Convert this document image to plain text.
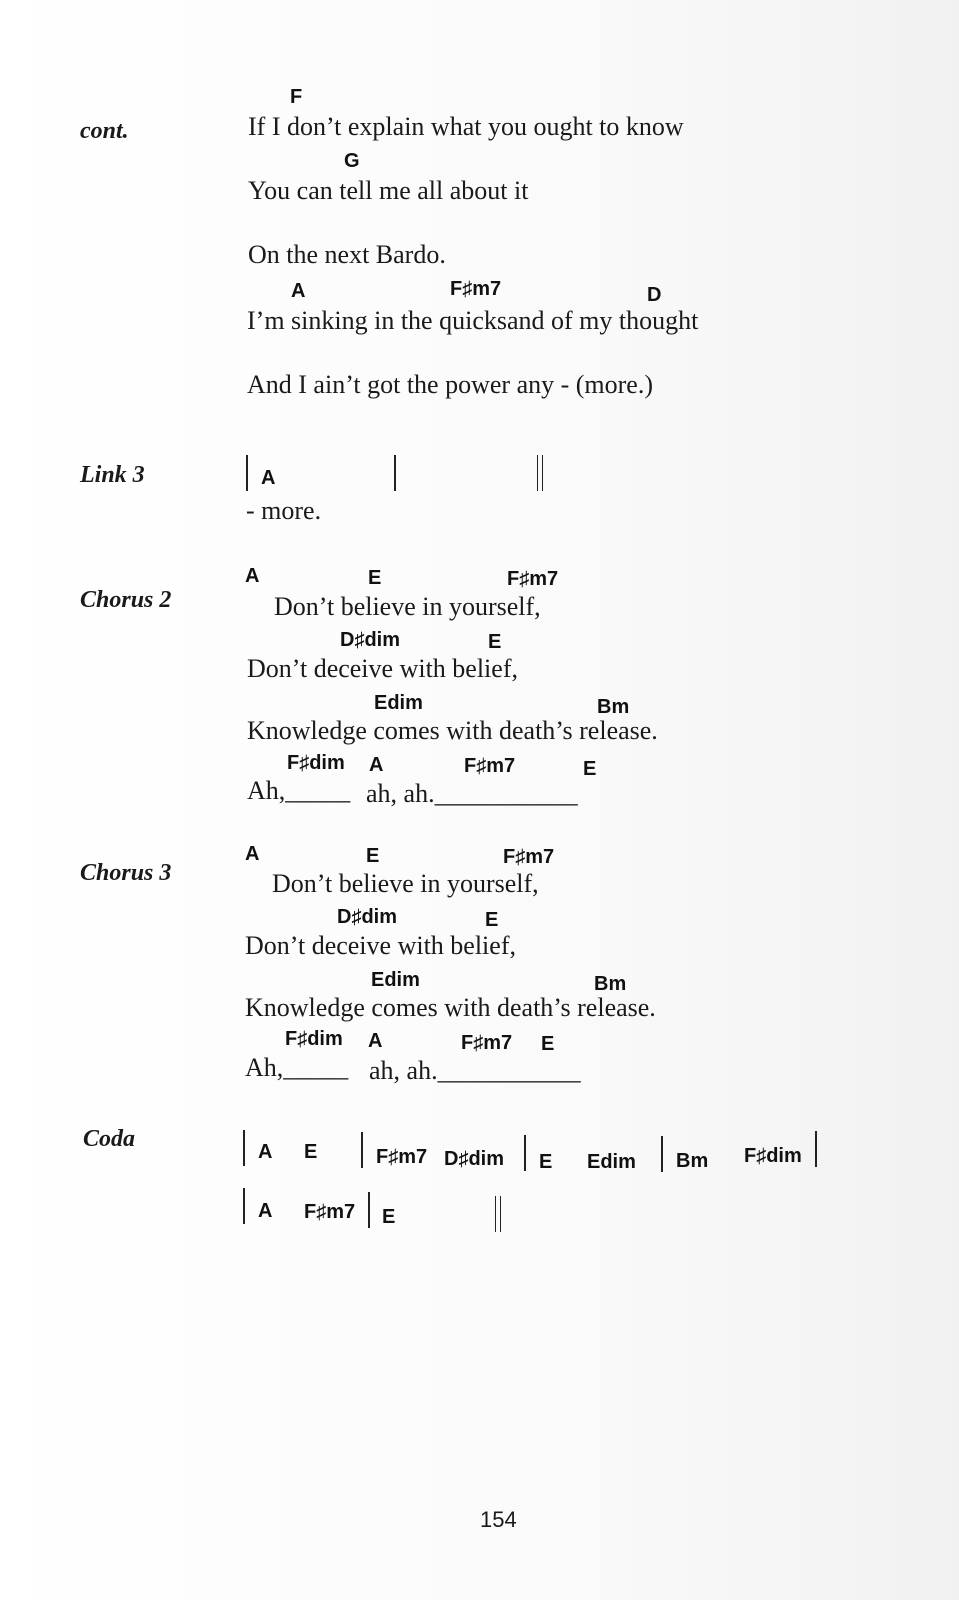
cont.
F
If I don’t explain what you ought to know
G
You can tell me all about it
On the next Bardo.
A	F♯m7	D
I’m sinking in the quicksand of my thought
And I ain’t got the power any - (more.)
Link 3	A
- more.
Chorus 2
A	E	F♯m7
Don’t believe in yourself,
D♯dim	E
Don’t deceive with belief,
Edim	Bm
Knowledge comes with death’s release.
F♯dim A	F♯m7	E
Ah,_____ ah, ah.___________
Chorus 3
A	E	F♯m7
Don’t believe in yourself,
D♯dim	E
Don’t deceive with belief,
Edim	Bm
Knowledge comes with death’s release.
F♯dim A	F♯m7 E
Ah,_____ ah, ah.___________
Coda	A E	F♯m7 D♯dim E Edim Bm F♯dim
A F♯m7 E
154
